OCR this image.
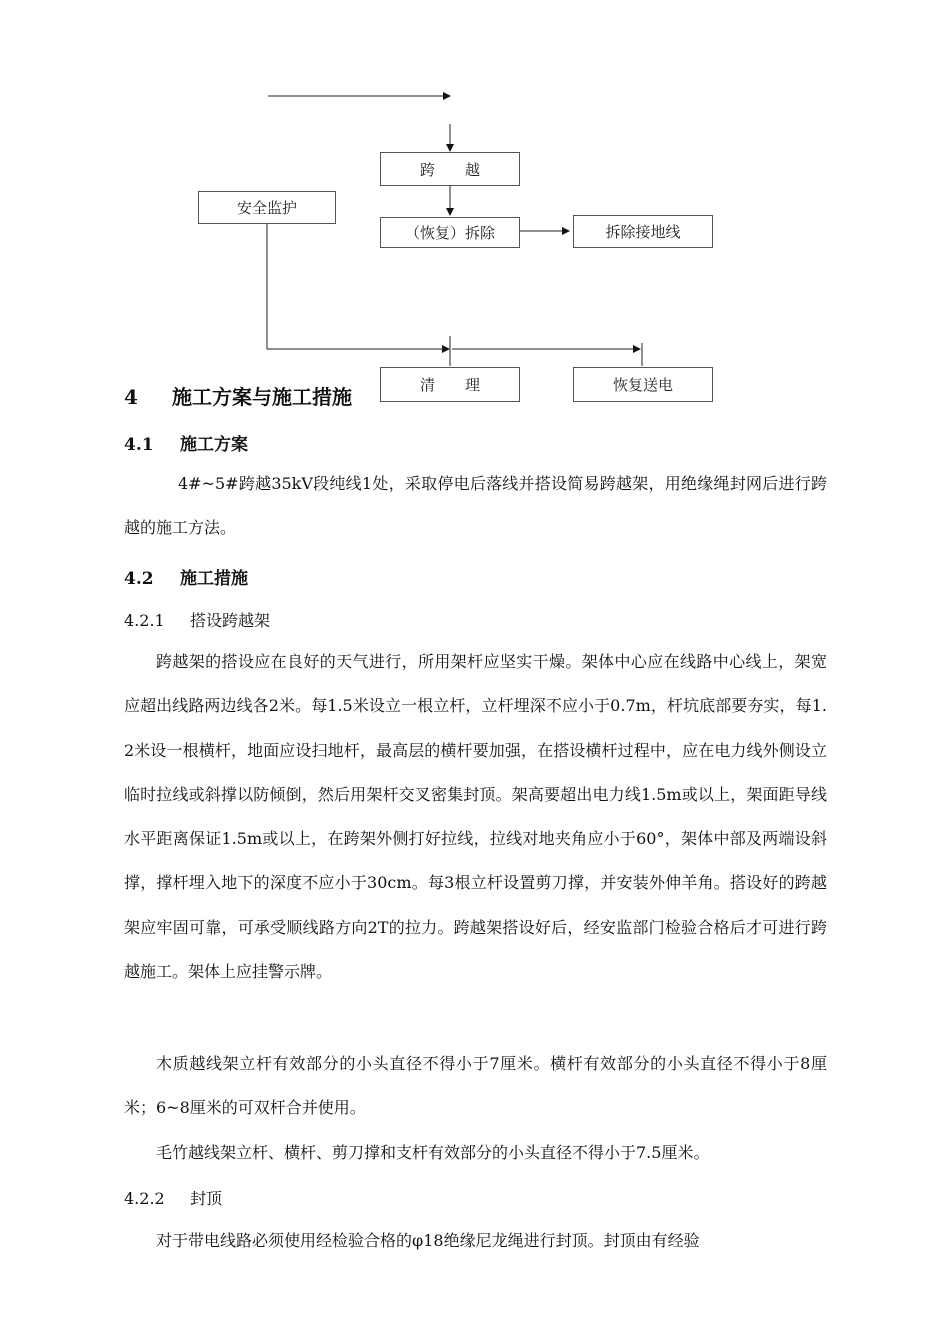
跨　　越
安全监护
（恢复）拆除	拆除接地线
清　　理	恢复送电
4 施工方案与施工措施
4.1 施工方案
4#~5#跨越35kV段纯线1处，采取停电后落线并搭设简易跨越架，用绝缘绳封网后进行跨越的施工方法。
4.2 施工措施
4.2.1 搭设跨越架
跨越架的搭设应在良好的天气进行，所用架杆应坚实干燥。架体中心应在线路中心线上，架宽应超出线路两边线各2米。每1.5米设立一根立杆，立杆埋深不应小于0.7m，杆坑底部要夯实，每1.2米设一根横杆，地面应设扫地杆，最高层的横杆要加强，在搭设横杆过程中，应在电力线外侧设立临时拉线或斜撑以防倾倒，然后用架杆交叉密集封顶。架高要超出电力线1.5m或以上，架面距导线水平距离保证1.5m或以上，在跨架外侧打好拉线，拉线对地夹角应小于60°，架体中部及两端设斜撑，撑杆埋入地下的深度不应小于30cm。每3根立杆设置剪刀撑，并安装外伸羊角。搭设好的跨越架应牢固可靠，可承受顺线路方向2T的拉力。跨越架搭设好后，经安监部门检验合格后才可进行跨越施工。架体上应挂警示牌。
木质越线架立杆有效部分的小头直径不得小于7厘米。横杆有效部分的小头直径不得小于8厘米；6~8厘米的可双杆合并使用。
毛竹越线架立杆、横杆、剪刀撑和支杆有效部分的小头直径不得小于7.5厘米。
4.2.2 封顶
对于带电线路必须使用经检验合格的φ18绝缘尼龙绳进行封顶。封顶由有经验
